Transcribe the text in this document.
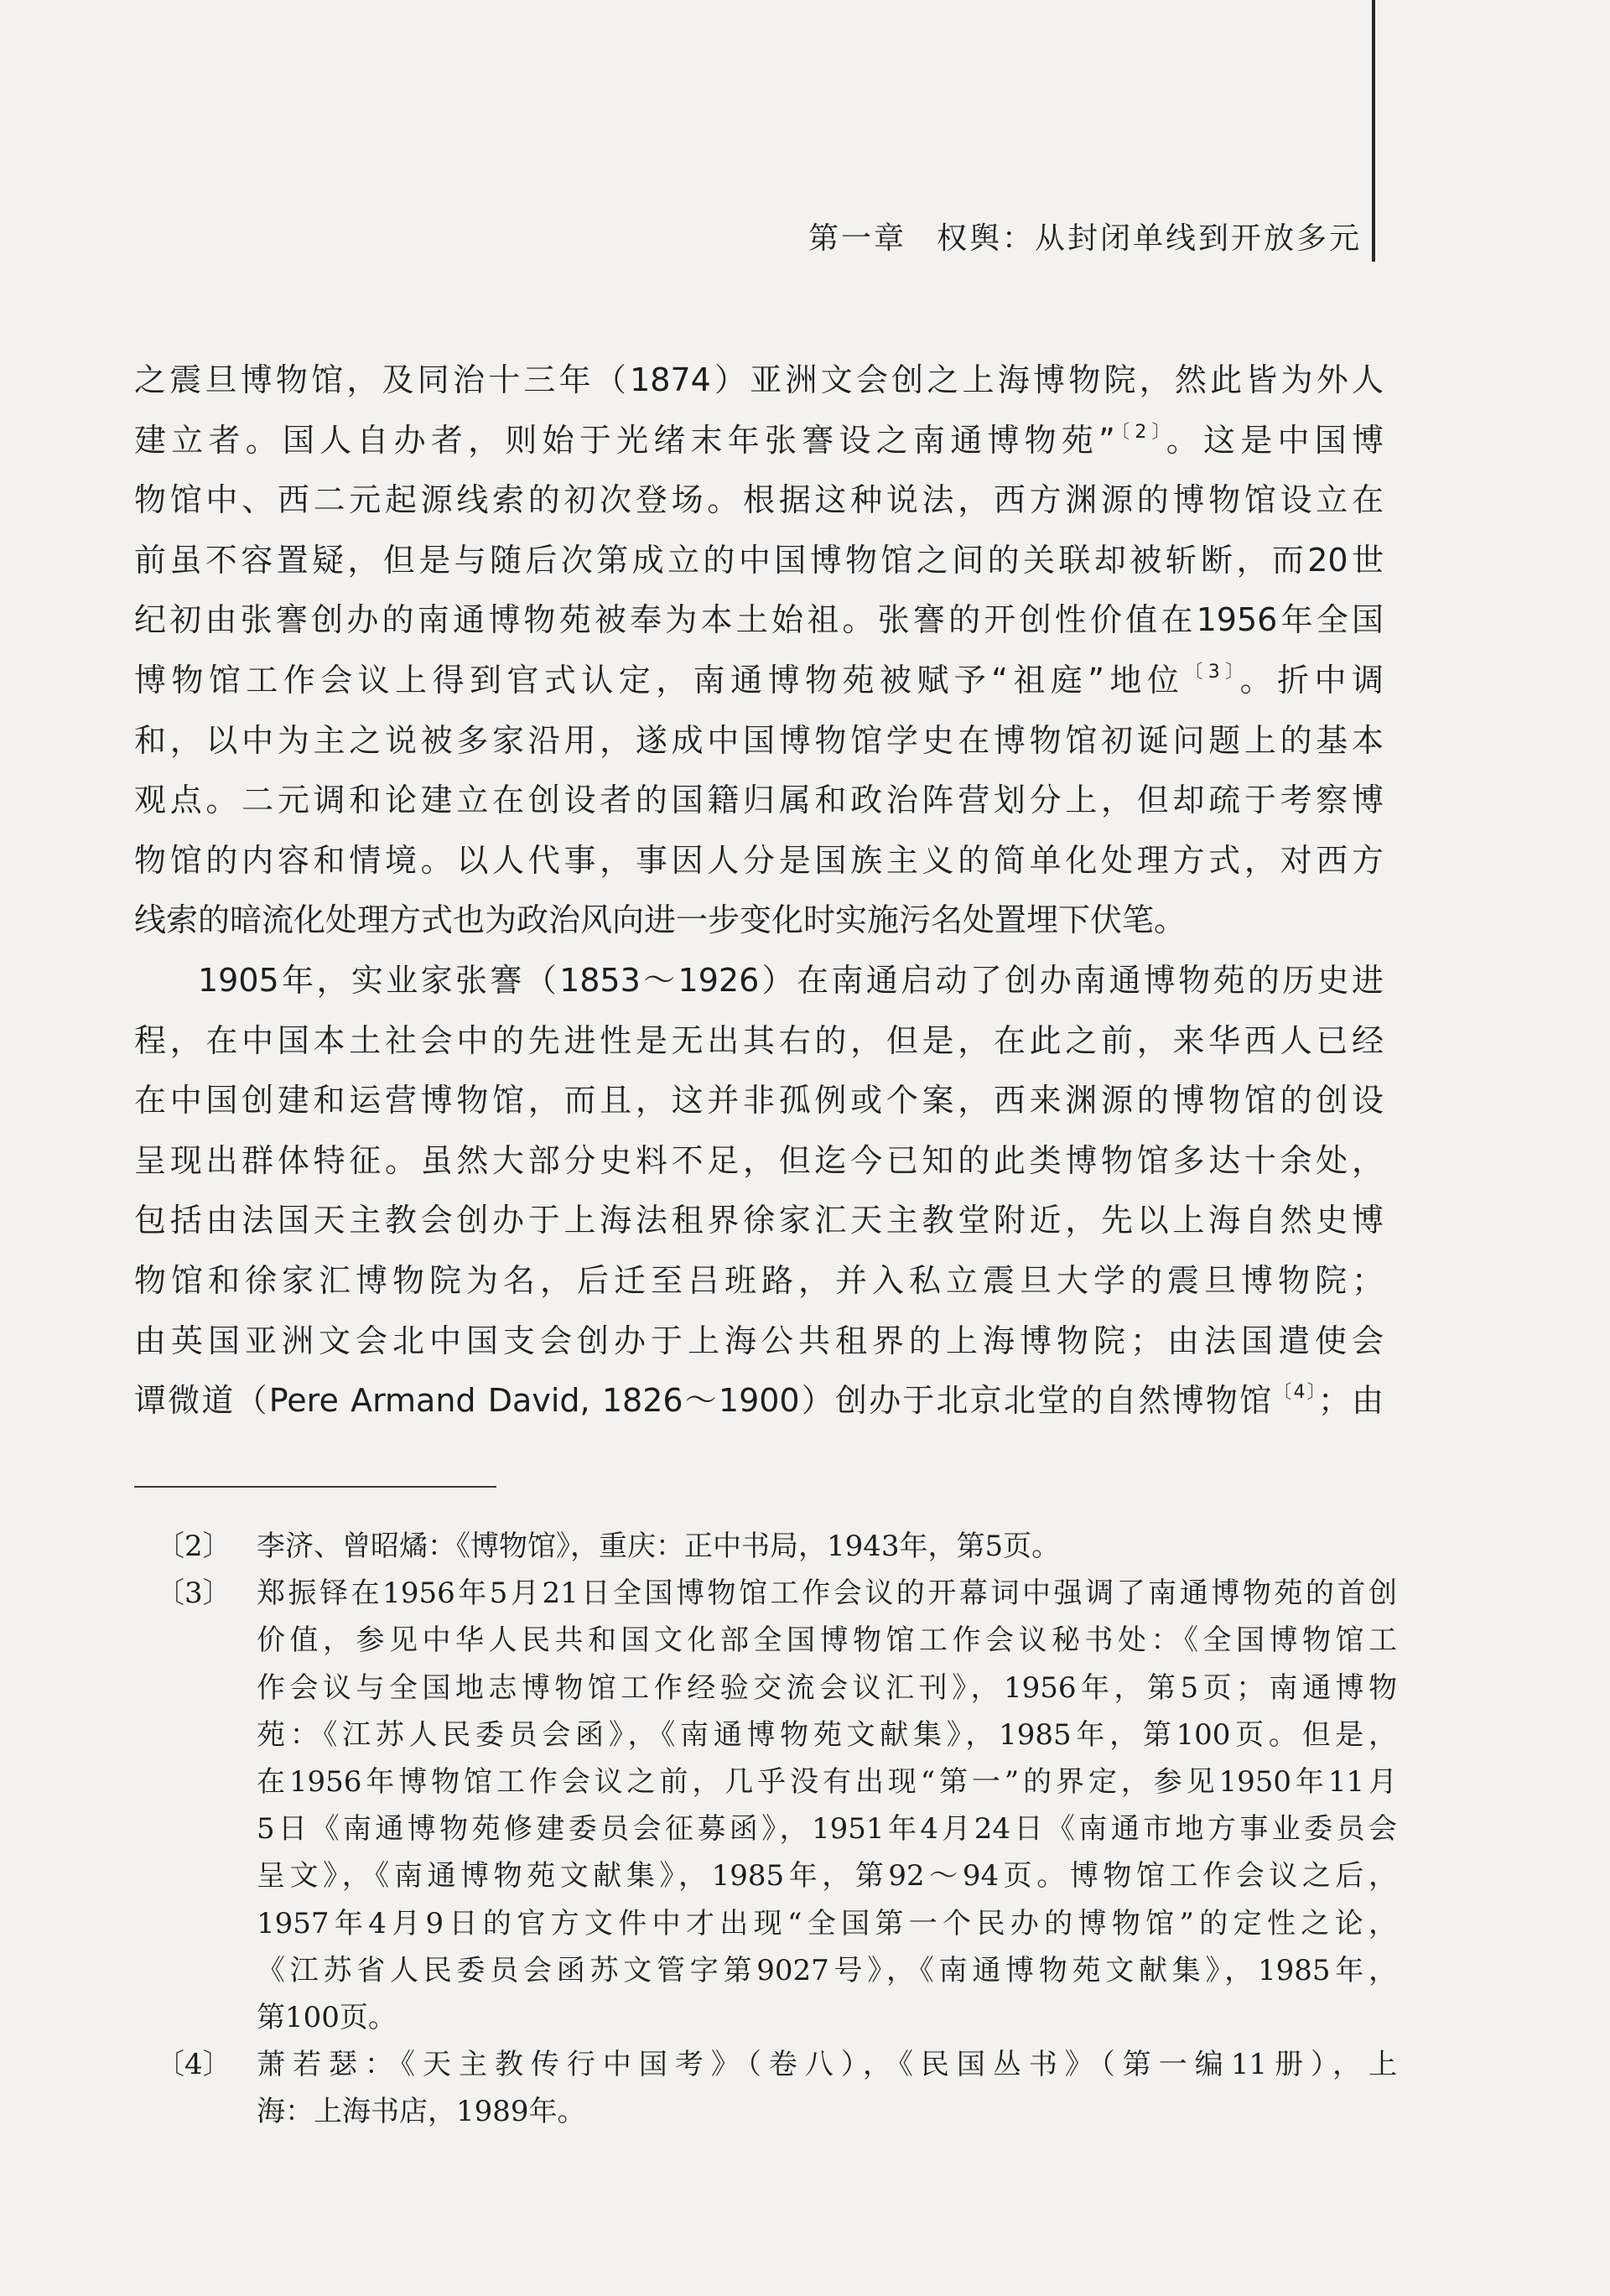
第一章 权舆：从封闭单线到开放多元
之震旦博物馆，及同治十三年（1874）亚洲文会创之上海博物院，然此皆为外人
建立者。国人自办者，则始于光绪末年张謇设之南通博物苑”$^{〔2〕}$。这是中国博
物馆中、西二元起源线索的初次登场。根据这种说法，西方渊源的博物馆设立在
前虽不容置疑，但是与随后次第成立的中国博物馆之间的关联却被斩断，而20世
纪初由张謇创办的南通博物苑被奉为本土始祖。张謇的开创性价值在1956年全国
博物馆工作会议上得到官式认定，南通博物苑被赋予“祖庭”地位$^{〔3〕}$。折中调
和，以中为主之说被多家沿用，遂成中国博物馆学史在博物馆初诞问题上的基本
观点。二元调和论建立在创设者的国籍归属和政治阵营划分上，但却疏于考察博
物馆的内容和情境。以人代事，事因人分是国族主义的简单化处理方式，对西方
线索的暗流化处理方式也为政治风向进一步变化时实施污名处置埋下伏笔。
1905年，实业家张謇（1853～1926）在南通启动了创办南通博物苑的历史进
程，在中国本土社会中的先进性是无出其右的，但是，在此之前，来华西人已经
在中国创建和运营博物馆，而且，这并非孤例或个案，西来渊源的博物馆的创设
呈现出群体特征。虽然大部分史料不足，但迄今已知的此类博物馆多达十余处，
包括由法国天主教会创办于上海法租界徐家汇天主教堂附近，先以上海自然史博
物馆和徐家汇博物院为名，后迁至吕班路，并入私立震旦大学的震旦博物院；
由英国亚洲文会北中国支会创办于上海公共租界的上海博物院；由法国遣使会
谭微道（Pere Armand David, 1826～1900）创办于北京北堂的自然博物馆$^{〔4〕}$；由
〔2〕 李济、曾昭燏：《博物馆》，重庆：正中书局，1943年，第5页。
〔3〕 郑振铎在1956年5月21日全国博物馆工作会议的开幕词中强调了南通博物苑的首创
价值，参见中华人民共和国文化部全国博物馆工作会议秘书处：《全国博物馆工
作会议与全国地志博物馆工作经验交流会议汇刊》，1956年，第5页；南通博物
苑：《江苏人民委员会函》，《南通博物苑文献集》，1985年，第100页。但是，
在1956年博物馆工作会议之前，几乎没有出现“第一”的界定，参见1950年11月
5日《南通博物苑修建委员会征募函》，1951年4月24日《南通市地方事业委员会
呈文》，《南通博物苑文献集》，1985年，第92～94页。博物馆工作会议之后，
1957年4月9日的官方文件中才出现“全国第一个民办的博物馆”的定性之论，
《江苏省人民委员会函苏文管字第9027号》，《南通博物苑文献集》，1985年，
第100页。
〔4〕 萧若瑟：《天主教传行中国考》（卷八），《民国丛书》（第一编11册），上
海：上海书店，1989年。
